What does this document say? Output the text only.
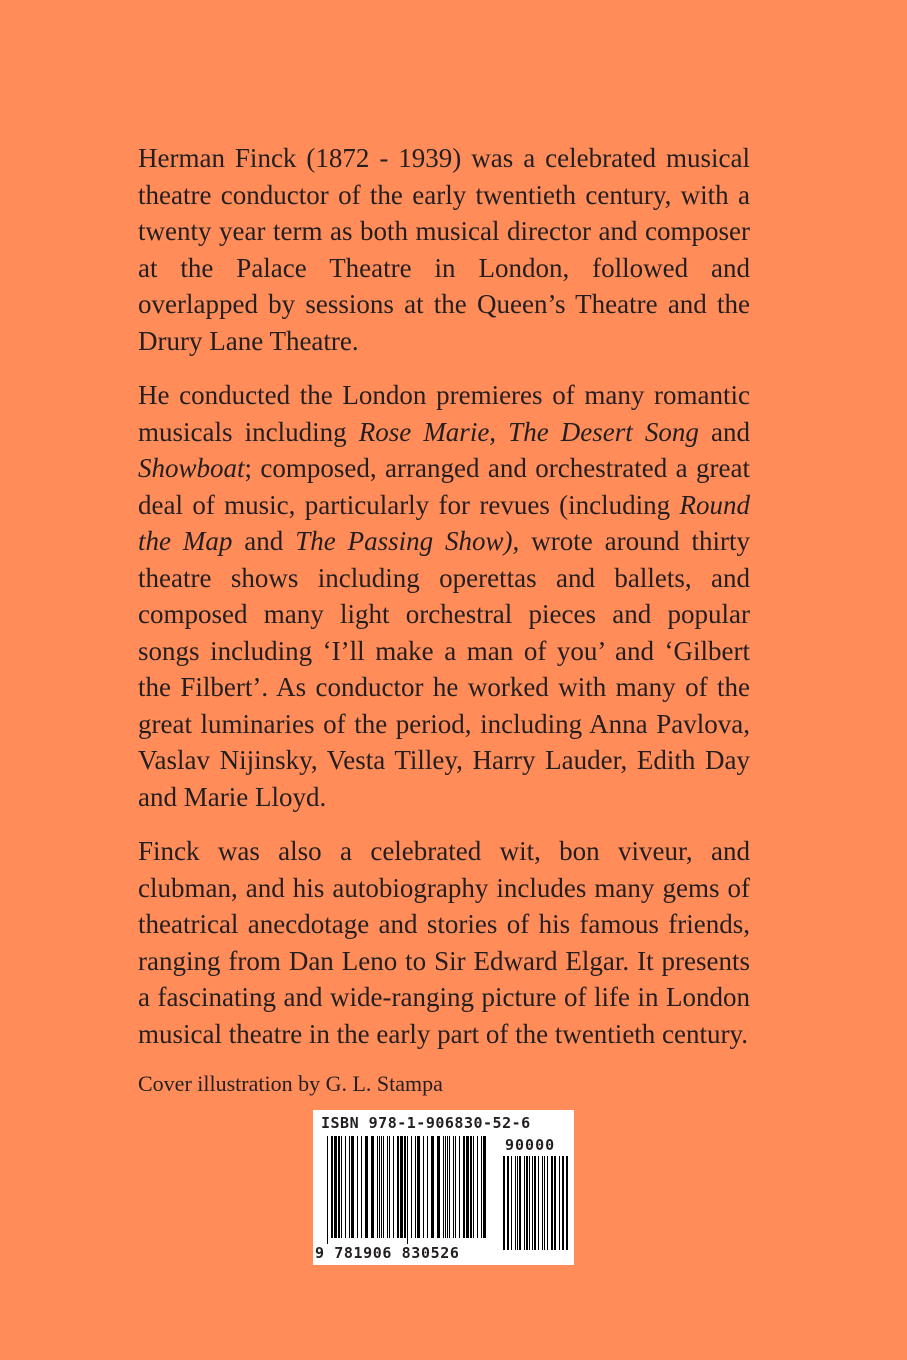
Herman Finck (1872 - 1939) was a celebrated musical theatre conductor of the early twentieth century, with a twenty year term as both musical director and composer at the Palace Theatre in London, followed and overlapped by sessions at the Queen’s Theatre and the Drury Lane Theatre.

He conducted the London premieres of many romantic musicals including Rose Marie, The Desert Song and Showboat; composed, arranged and orchestrated a great deal of music, particularly for revues (including Round the Map and The Passing Show), wrote around thirty theatre shows including operettas and ballets, and composed many light orchestral pieces and popular songs including ‘I’ll make a man of you’ and ‘Gilbert the Filbert’. As conductor he worked with many of the great luminaries of the period, including Anna Pavlova, Vaslav Nijinsky, Vesta Tilley, Harry Lauder, Edith Day and Marie Lloyd.

Finck was also a celebrated wit, bon viveur, and clubman, and his autobiography includes many gems of theatrical anecdotage and stories of his famous friends, ranging from Dan Leno to Sir Edward Elgar. It presents a fascinating and wide-ranging picture of life in London musical theatre in the early part of the twentieth century.

Cover illustration by G. L. Stampa

ISBN 978-1-906830-52-6
90000
9 781906 830526
